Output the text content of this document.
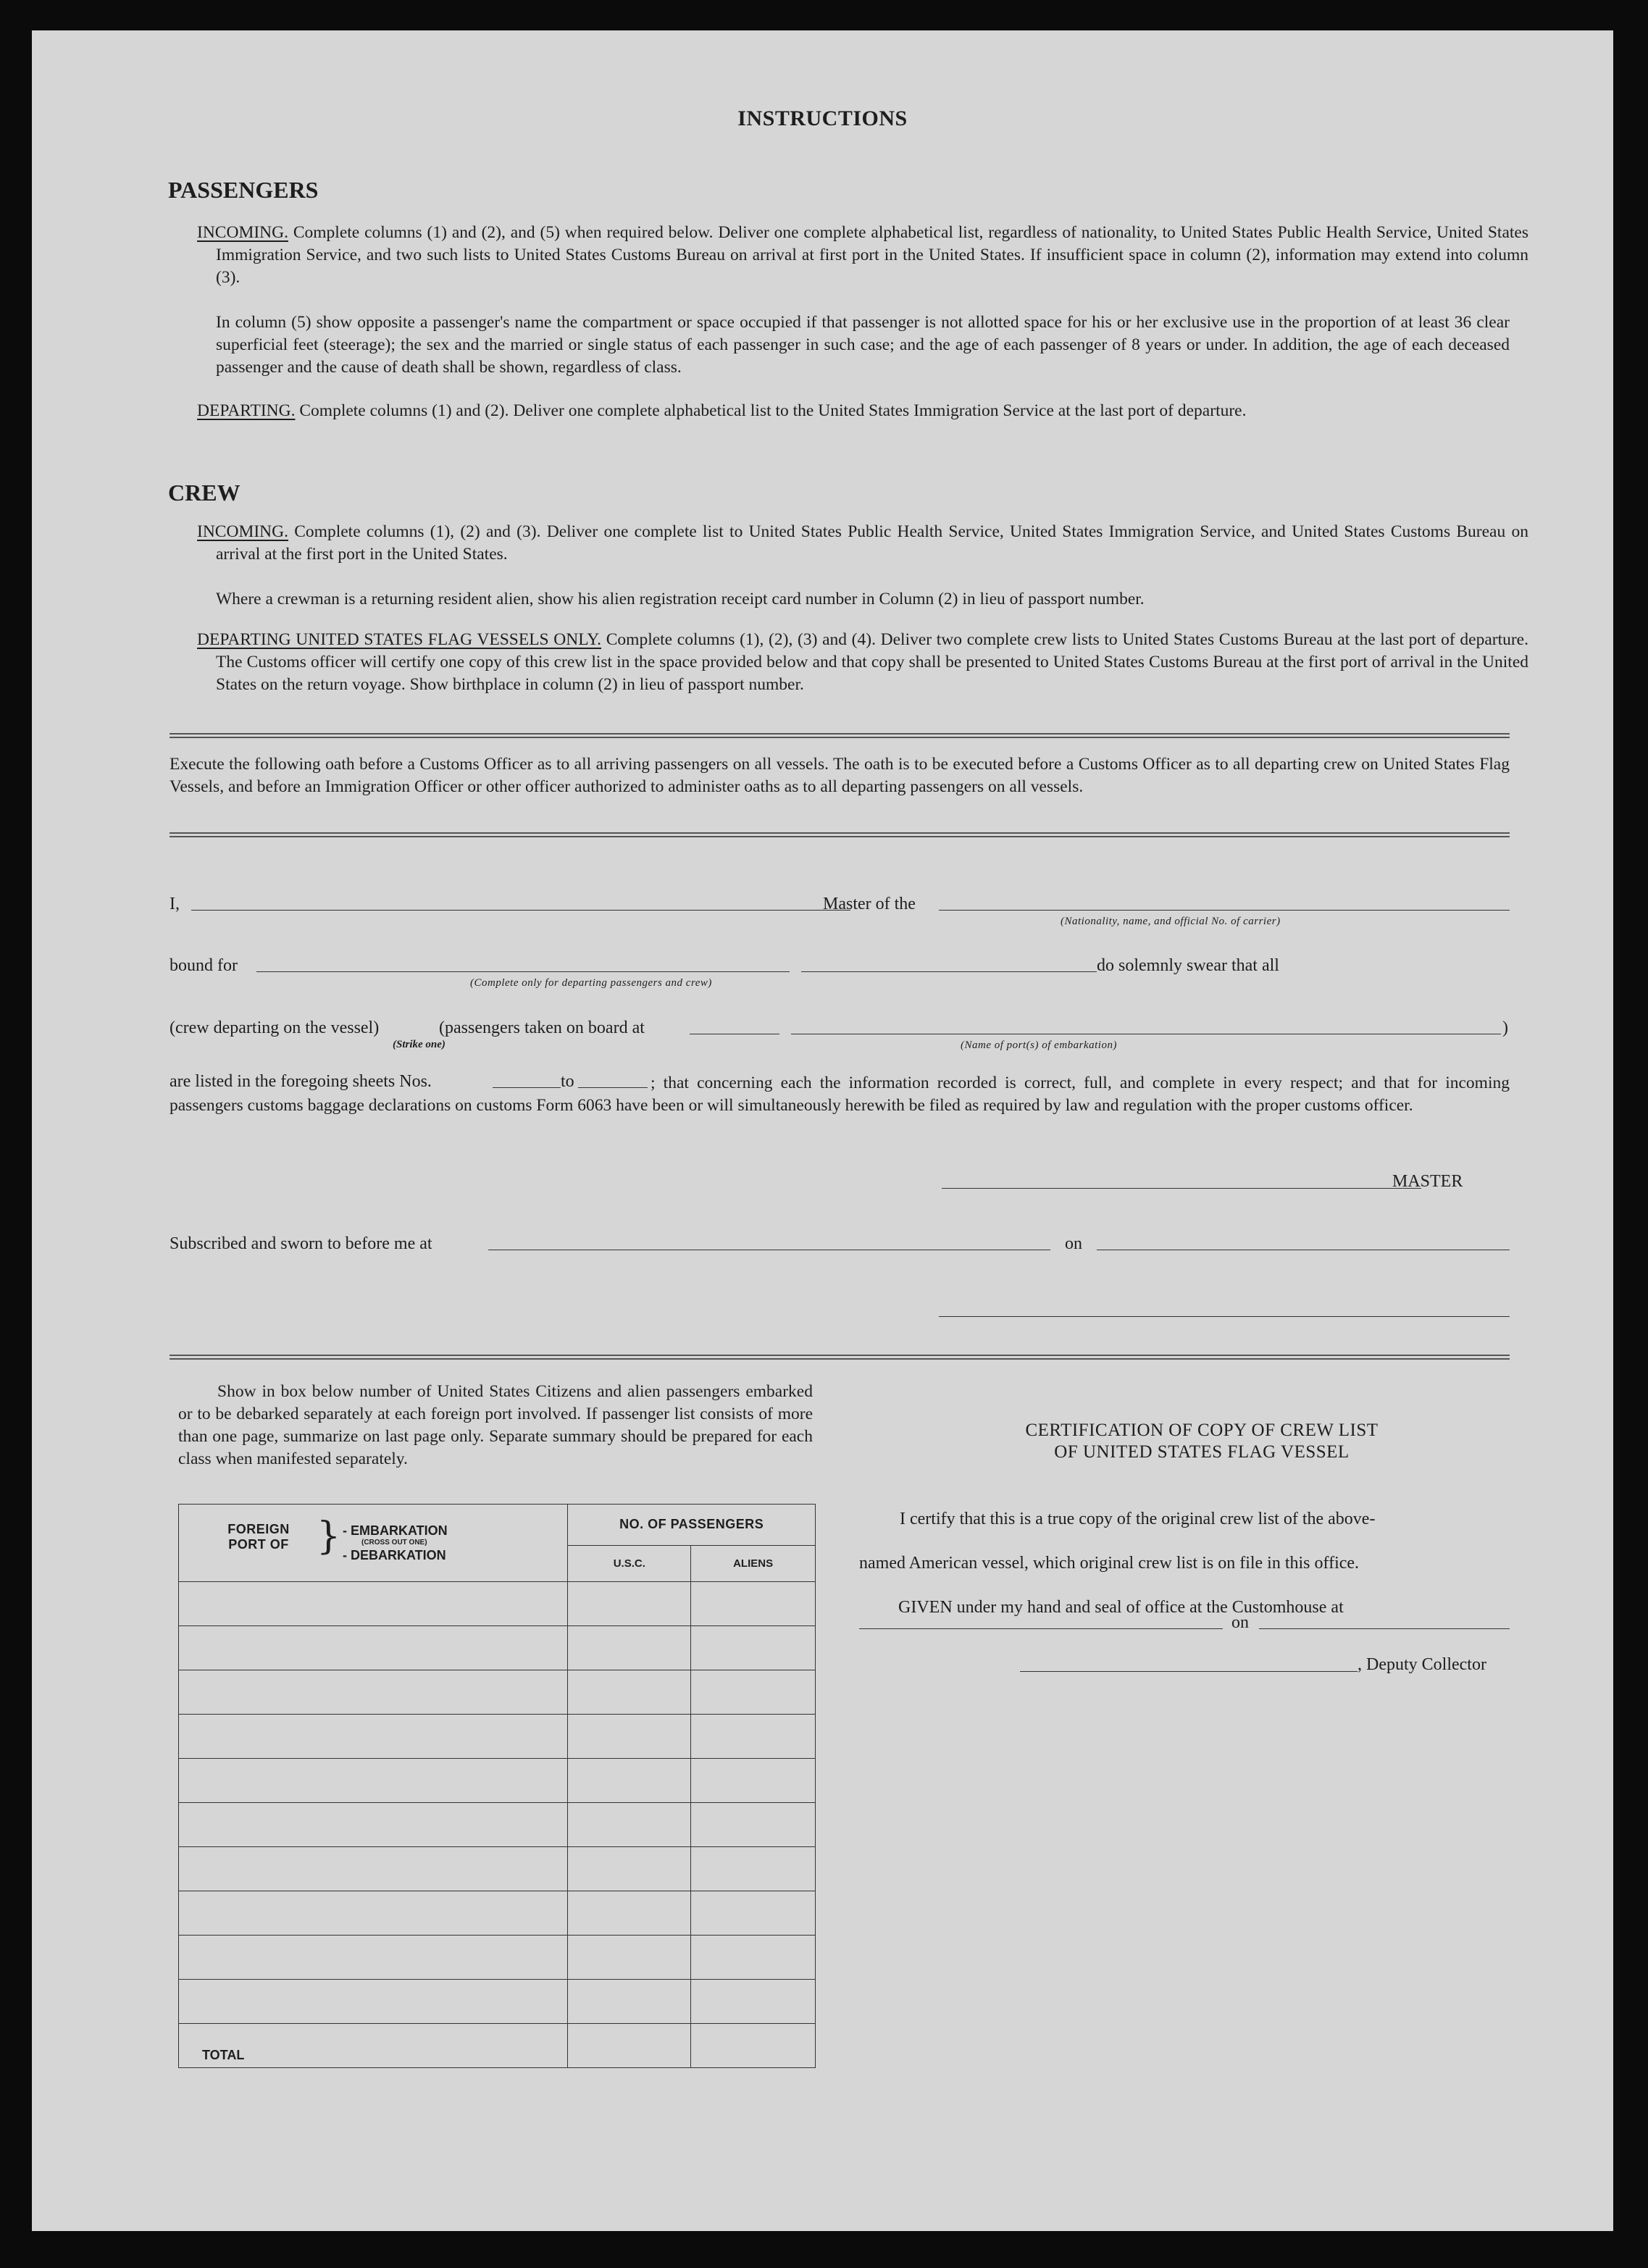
INSTRUCTIONS
PASSENGERS
INCOMING. Complete columns (1) and (2), and (5) when required below. Deliver one complete alphabetical list, regardless of nationality, to United States Public Health Service, United States Immigration Service, and two such lists to United States Customs Bureau on arrival at first port in the United States. If insufficient space in column (2), information may extend into column (3).
In column (5) show opposite a passenger's name the compartment or space occupied if that passenger is not allotted space for his or her exclusive use in the proportion of at least 36 clear superficial feet (steerage); the sex and the married or single status of each passenger in such case; and the age of each passenger of 8 years or under. In addition, the age of each deceased passenger and the cause of death shall be shown, regardless of class.
DEPARTING. Complete columns (1) and (2). Deliver one complete alphabetical list to the United States Immigration Service at the last port of departure.
CREW
INCOMING. Complete columns (1), (2) and (3). Deliver one complete list to United States Public Health Service, United States Immigration Service, and United States Customs Bureau on arrival at the first port in the United States.
Where a crewman is a returning resident alien, show his alien registration receipt card number in Column (2) in lieu of passport number.
DEPARTING UNITED STATES FLAG VESSELS ONLY. Complete columns (1), (2), (3) and (4). Deliver two complete crew lists to United States Customs Bureau at the last port of departure. The Customs officer will certify one copy of this crew list in the space provided below and that copy shall be presented to United States Customs Bureau at the first port of arrival in the United States on the return voyage. Show birthplace in column (2) in lieu of passport number.
Execute the following oath before a Customs Officer as to all arriving passengers on all vessels. The oath is to be executed before a Customs Officer as to all departing crew on United States Flag Vessels, and before an Immigration Officer or other officer authorized to administer oaths as to all departing passengers on all vessels.
I,	Master of the
(Nationality, name, and official No. of carrier)
bound for
(Complete only for departing passengers and crew)
do solemnly swear that all
(crew departing on the vessel)
(Strike one)
(passengers taken on board at
(Name of port(s) of embarkation)
)
are listed in the foregoing sheets Nos.	to	; that concerning each the information recorded is correct, full, and complete in every respect; and that for incoming passengers customs baggage declarations on customs Form 6063 have been or will simultaneously herewith be filed as required by law and regulation with the proper customs officer.
MASTER
Subscribed and sworn to before me at	on
Show in box below number of United States Citizens and alien passengers embarked or to be debarked separately at each foreign port involved. If passenger list consists of more than one page, summarize on last page only. Separate summary should be prepared for each class when manifested separately.
FOREIGN PORT OF } - EMBARKATION
(CROSS OUT ONE)
- DEBARKATION	NO. OF PASSENGERS	
	U.S.C.	ALIENS

TOTAL		
CERTIFICATION OF COPY OF CREW LIST
OF UNITED STATES FLAG VESSEL
I certify that this is a true copy of the original crew list of the above-
named American vessel, which original crew list is on file in this office.
GIVEN under my hand and seal of office at the Customhouse at
on
, Deputy Collector
